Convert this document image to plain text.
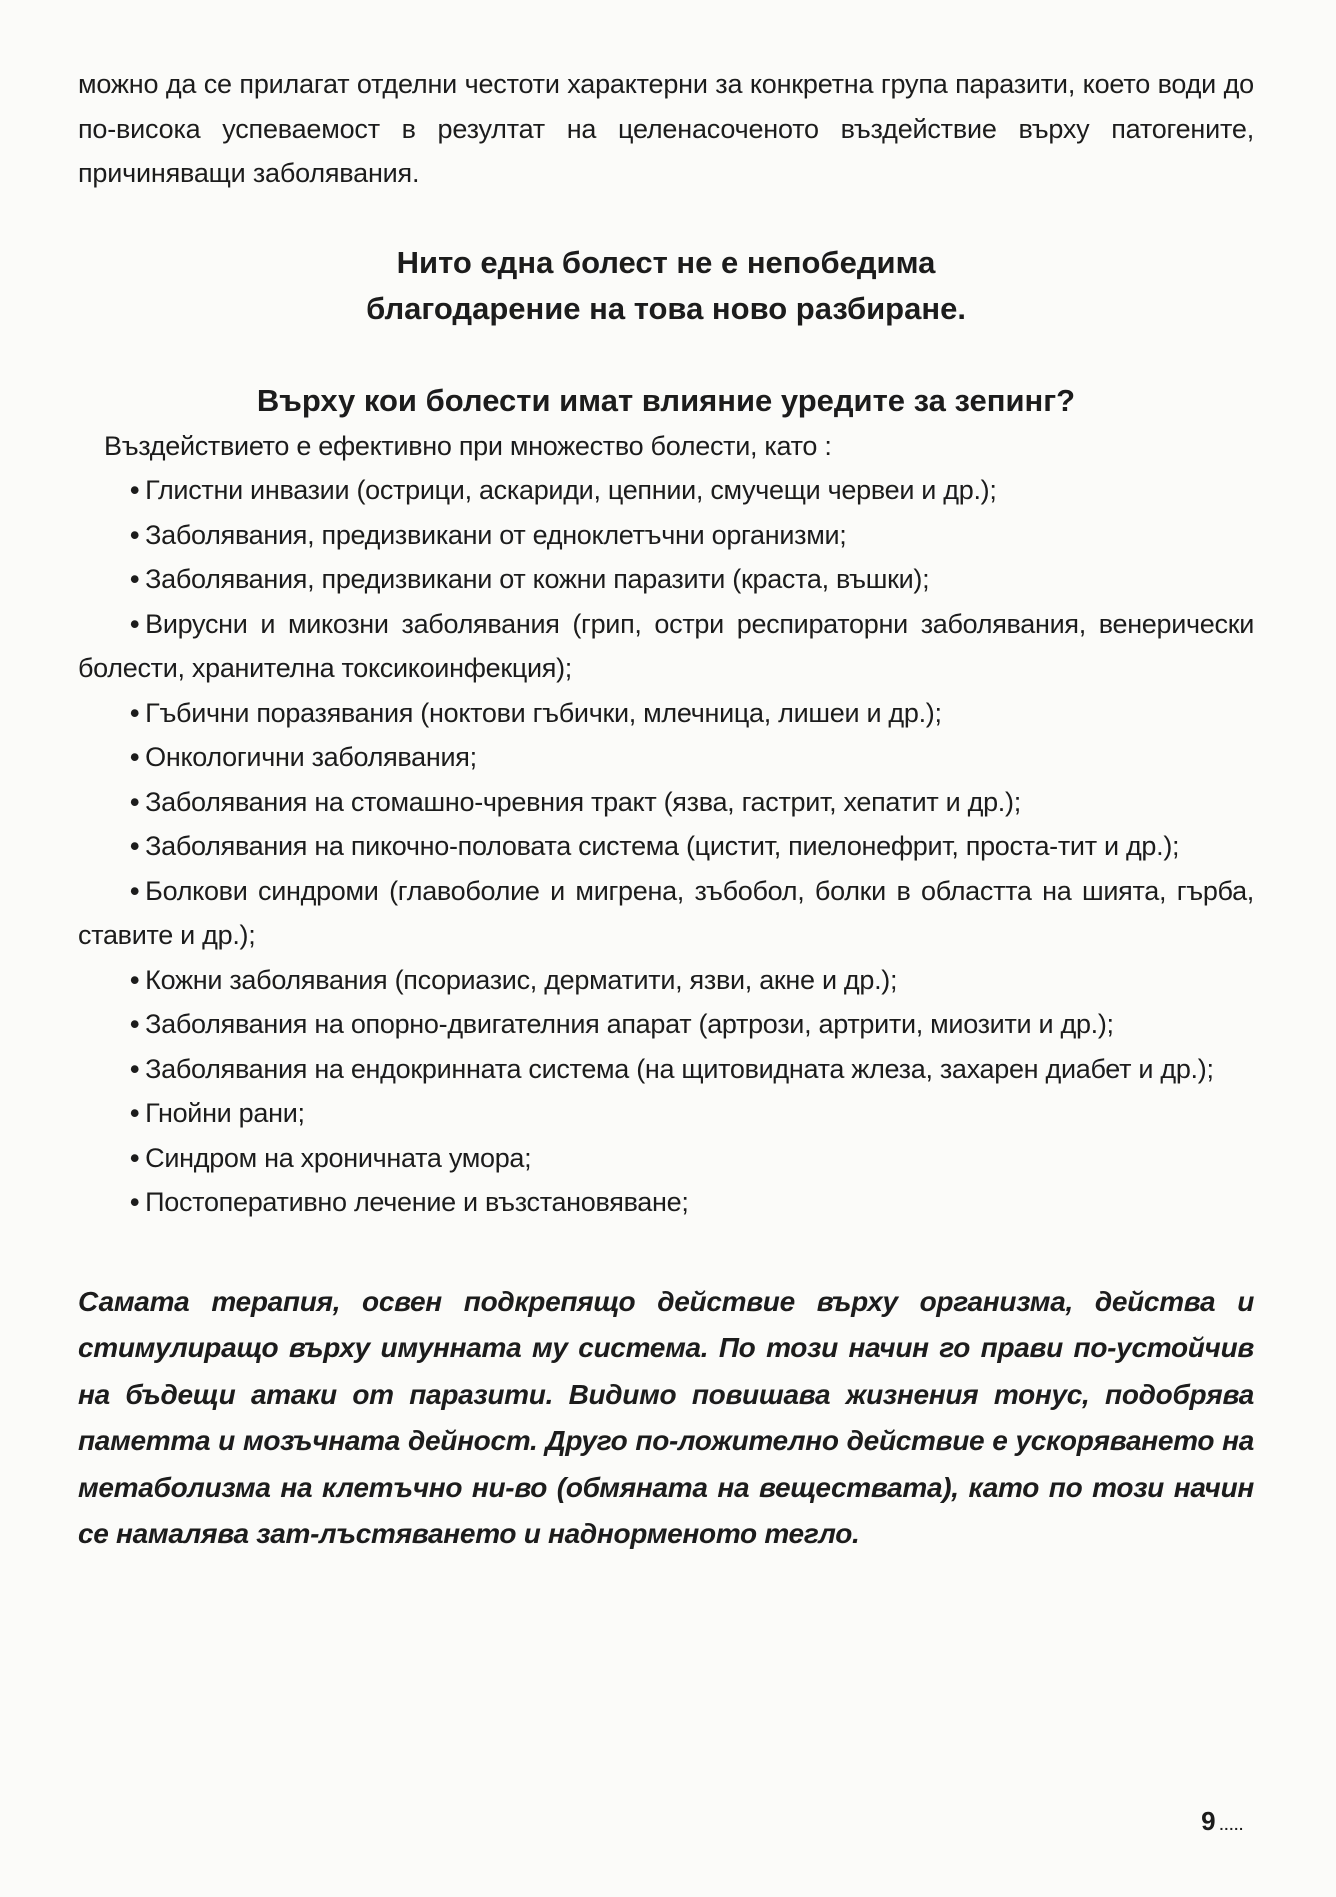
можно да се прилагат отделни честоти характерни за конкретна група паразити, което води до по-висока успеваемост в резултат на целенасоченото въздействие върху патогените, причиняващи заболявания.

Нито една болест не е непобедима
благодарение на това ново разбиране.
Върху кои болести имат влияние уредите за зепинг?

Въздействието е ефективно при множество болести, като :

• Глистни инвазии (острици, аскариди, цепнии, смучещи червеи и др.);

• Заболявания, предизвикани от едноклетъчни организми;

• Заболявания, предизвикани от кожни паразити (краста, въшки);

• Вирусни и микозни заболявания (грип, остри респираторни заболявания, венерически болести, хранителна токсикоинфекция);

• Гъбични поразявания (ноктови гъбички, млечница, лишеи и др.);

• Онкологични заболявания;

• Заболявания на стомашно-чревния тракт (язва, гастрит, хепатит и др.);

• Заболявания на пикочно-половата система (цистит, пиелонефрит, проста-тит и др.);

• Болкови синдроми (главоболие и мигрена, зъбобол, болки в областта на шията, гърба, ставите и др.);

• Кожни заболявания (псориазис, дерматити, язви, акне и др.);

• Заболявания на опорно-двигателния апарат (артрози, артрити, миозити и др.);

• Заболявания на ендокринната система (на щитовидната жлеза, захарен диабет и др.);

• Гнойни рани;

• Синдром на хроничната умора;

• Постоперативно лечение и възстановяване;

Самата терапия, освен подкрепящо действие върху организма, действа и стимулиращо върху имунната му система. По този начин го прави по-устойчив на бъдещи атаки от паразити. Видимо повишава жизнения тонус, подобрява паметта и мозъчната дейност. Друго по-ложително действие е ускоряването на метаболизма на клетъчно ни-во (обмяната на веществата), като по този начин се намалява зат-лъстяването и наднорменото тегло.

9 .....
